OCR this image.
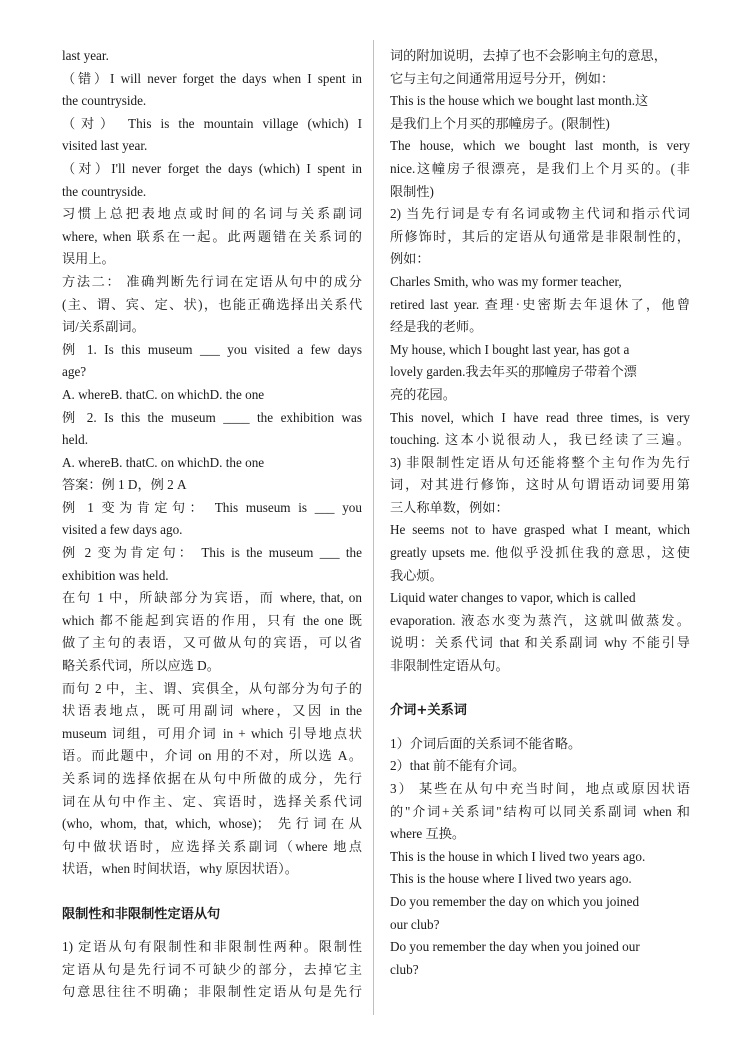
last year.
（错）I will never forget the days when I spent in
the countryside.
（对） This is the mountain village (which) I
visited last year.
（对）I'll never forget the days (which) I spent in
the countryside.
习惯上总把表地点或时间的名词与关系副词
where, when 联系在一起。此两题错在关系词的
误用上。
方法二： 准确判断先行词在定语从句中的成分
(主、谓、宾、定、状)，也能正确选择出关系代
词/关系副词。
例 1. Is this museum ___ you visited a few days
age?
A. whereB. thatC. on whichD. the one
例 2. Is this the museum ____ the exhibition was
held.
A. whereB. thatC. on whichD. the one
答案：例 1 D，例 2 A
例 1 变为肯定句： This museum is ___ you
visited a few days ago.
例 2 变为肯定句： This is the museum ___ the
exhibition was held.
在句 1 中，所缺部分为宾语，而 where, that, on
which 都不能起到宾语的作用，只有 the one 既
做了主句的表语，又可做从句的宾语，可以省
略关系代词，所以应选 D。
而句 2 中，主、谓、宾俱全，从句部分为句子的
状语表地点，既可用副词 where，又因 in the
museum 词组，可用介词 in + which 引导地点状
语。而此题中，介词 on 用的不对，所以选 A。
关系词的选择依据在从句中所做的成分，先行
词在从句中作主、定、宾语时，选择关系代词
(who, whom, that, which, whose)； 先行词在从
句中做状语时，应选择关系副词（where 地点
状语，when 时间状语，why 原因状语）。
限制性和非限制性定语从句
1) 定语从句有限制性和非限制性两种。限制性
定语从句是先行词不可缺少的部分，去掉它主
句意思往往不明确；非限制性定语从句是先行
词的附加说明，去掉了也不会影响主句的意思，
它与主句之间通常用逗号分开，例如：
This is the house which we bought last month.这
是我们上个月买的那幢房子。(限制性)
The house, which we bought last month, is very
nice.这幢房子很漂亮，是我们上个月买的。(非
限制性)
2) 当先行词是专有名词或物主代词和指示代词
所修饰时，其后的定语从句通常是非限制性的，
例如：
Charles Smith, who was my former teacher,
retired last year. 查理·史密斯去年退休了，他曾
经是我的老师。
My house, which I bought last year, has got a
lovely garden.我去年买的那幢房子带着个漂
亮的花园。
This novel, which I have read three times, is very
touching. 这本小说很动人，我已经读了三遍。
3) 非限制性定语从句还能将整个主句作为先行
词，对其进行修饰，这时从句谓语动词要用第
三人称单数，例如：
He seems not to have grasped what I meant, which
greatly upsets me. 他似乎没抓住我的意思，这使
我心烦。
Liquid water changes to vapor, which is called
evaporation. 液态水变为蒸汽，这就叫做蒸发。
说明：关系代词 that 和关系副词 why 不能引导
非限制性定语从句。
介词+关系词
1）介词后面的关系词不能省略。
2）that 前不能有介词。
3） 某些在从句中充当时间，地点或原因状语
的"介词+关系词"结构可以同关系副词 when 和
where 互换。
This is the house in which I lived two years ago.
This is the house where I lived two years ago.
Do you remember the day on which you joined
our club?
Do you remember the day when you joined our
club?
